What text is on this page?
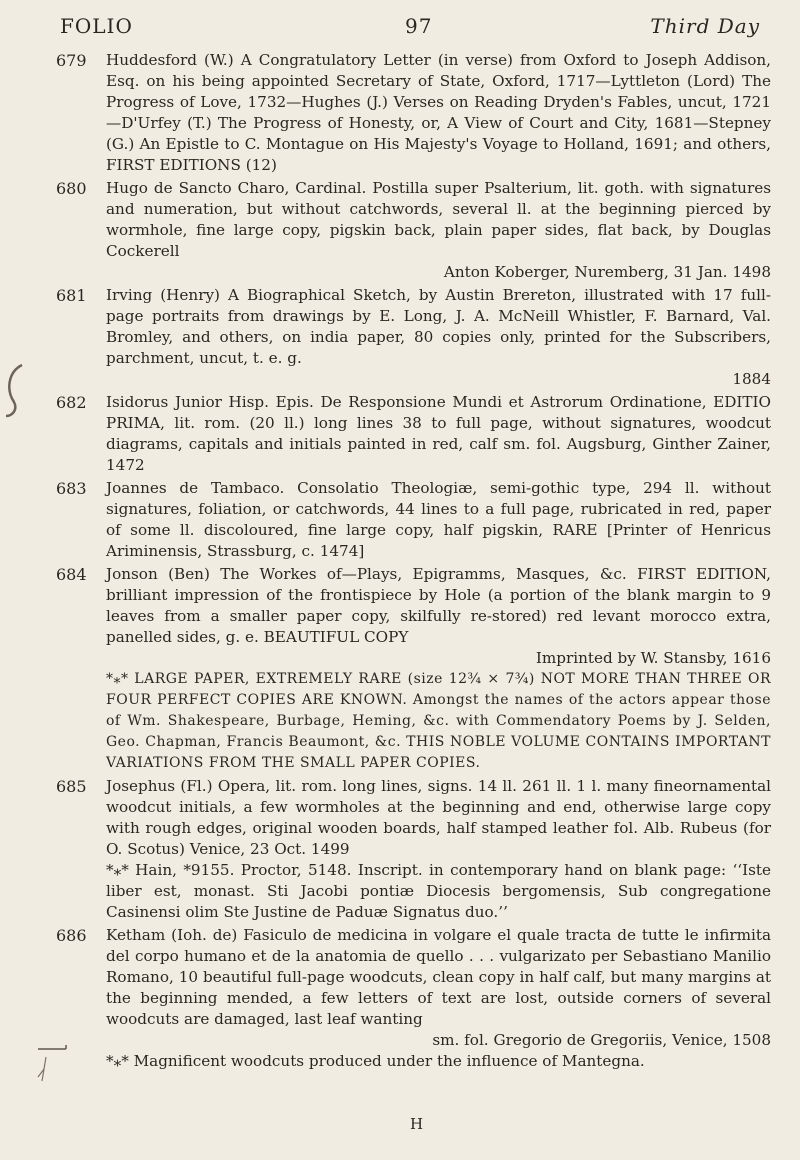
FOLIO	97	Third Day
679 Huddesford (W.) A Congratulatory Letter (in verse) from Oxford to Joseph Addison, Esq. on his being appointed Secretary of State, Oxford, 1717—Lyttleton (Lord) The Progress of Love, 1732—Hughes (J.) Verses on Reading Dryden's Fables, uncut, 1721—D'Urfey (T.) The Progress of Honesty, or, A View of Court and City, 1681—Stepney (G.) An Epistle to C. Montague on His Majesty's Voyage to Holland, 1691; and others, FIRST EDITIONS (12)

680 Hugo de Sancto Charo, Cardinal. Postilla super Psalterium, lit. goth. with signatures and numeration, but without catchwords, several ll. at the beginning pierced by wormhole, fine large copy, pigskin back, plain paper sides, flat back, by Douglas Cockerell

Anton Koberger, Nuremberg, 31 Jan. 1498

681 Irving (Henry) A Biographical Sketch, by Austin Brereton, illustrated with 17 full-page portraits from drawings by E. Long, J. A. McNeill Whistler, F. Barnard, Val. Bromley, and others, on india paper, 80 copies only, printed for the Subscribers, parchment, uncut, t. e. g.

1884

682 Isidorus Junior Hisp. Epis. De Responsione Mundi et Astrorum Ordinatione, EDITIO PRIMA, lit. rom. (20 ll.) long lines 38 to full page, without signatures, woodcut diagrams, capitals and initials painted in red, calf sm. fol. Augsburg, Ginther Zainer, 1472

683 Joannes de Tambaco. Consolatio Theologiæ, semi-gothic type, 294 ll. without signatures, foliation, or catchwords, 44 lines to a full page, rubricated in red, paper of some ll. discoloured, fine large copy, half pigskin, RARE [Printer of Henricus Ariminensis, Strassburg, c. 1474]

684 Jonson (Ben) The Workes of—Plays, Epigramms, Masques, &c. FIRST EDITION, brilliant impression of the frontispiece by Hole (a portion of the blank margin to 9 leaves from a smaller paper copy, skilfully re-stored) red levant morocco extra, panelled sides, g. e. BEAUTIFUL COPY

Imprinted by W. Stansby, 1616

*⁎* LARGE PAPER, EXTREMELY RARE (size 12¾ × 7¾) NOT MORE THAN THREE OR FOUR PERFECT COPIES ARE KNOWN. Amongst the names of the actors appear those of Wm. Shakespeare, Burbage, Heming, &c. with Commendatory Poems by J. Selden, Geo. Chapman, Francis Beaumont, &c. THIS NOBLE VOLUME CONTAINS IMPORTANT VARIATIONS FROM THE SMALL PAPER COPIES.

685 Josephus (Fl.) Opera, lit. rom. long lines, signs. 14 ll. 261 ll. 1 l. many fineornamental woodcut initials, a few wormholes at the beginning and end, otherwise large copy with rough edges, original wooden boards, half stamped leather fol. Alb. Rubeus (for O. Scotus) Venice, 23 Oct. 1499

*⁎* Hain, *9155. Proctor, 5148. Inscript. in contemporary hand on blank page: ‘‘Iste liber est, monast. Sti Jacobi pontiæ Diocesis bergomensis, Sub congregatione Casinensi olim Ste Justine de Paduæ Signatus duo.’’

686 Ketham (Ioh. de) Fasiculo de medicina in volgare el quale tracta de tutte le infirmita del corpo humano et de la anatomia de quello . . . vulgarizato per Sebastiano Manilio Romano, 10 beautiful full-page woodcuts, clean copy in half calf, but many margins at the beginning mended, a few letters of text are lost, outside corners of several woodcuts are damaged, last leaf wanting

sm. fol. Gregorio de Gregoriis, Venice, 1508

*⁎* Magnificent woodcuts produced under the influence of Mantegna.

H
